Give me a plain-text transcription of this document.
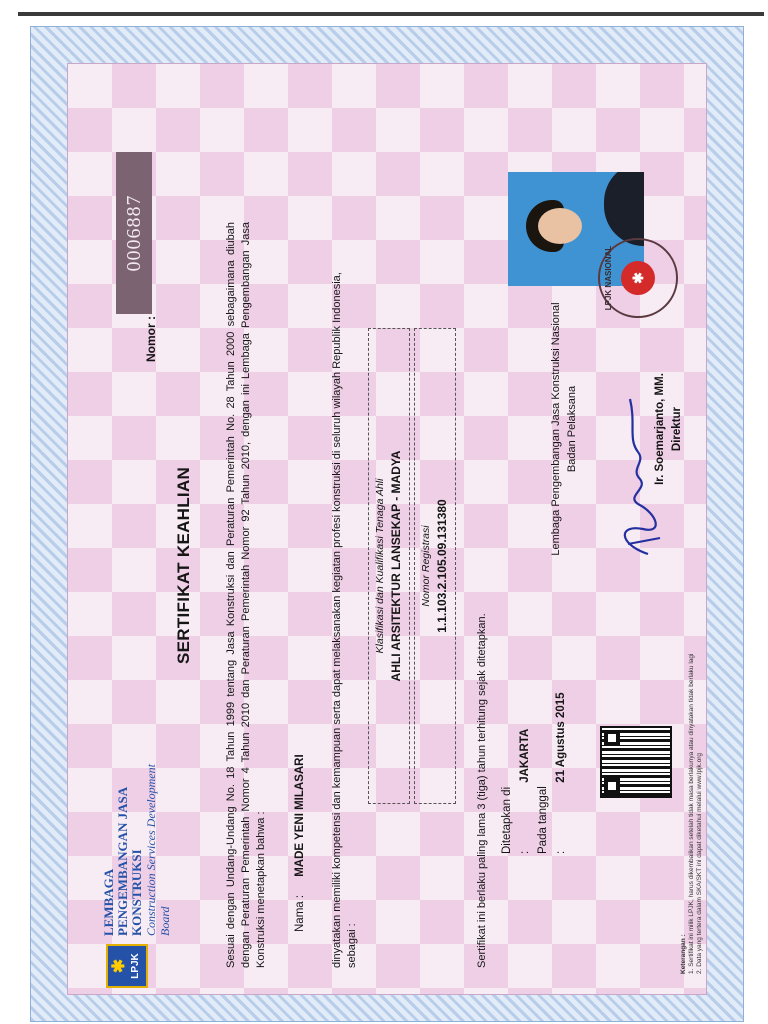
✱ LPJK
LEMBAGA PENGEMBANGAN JASA KONSTRUKSI Construction Services Development Board
SERTIFIKAT KEAHLIAN
Nomor :
0006887
LPJK NASIONAL	✱
Sesuai dengan Undang-Undang No. 18 Tahun 1999 tentang Jasa Konstruksi dan Peraturan Pemerintah No. 28 Tahun 2000 sebagaimana diubah dengan Peraturan Pemerintah Nomor 4 Tahun 2010 dan Peraturan Pemerintah Nomor 92 Tahun 2010, dengan ini Lembaga Pengembangan Jasa Konstruksi menetapkan bahwa : Nama : MADE YENI MILASARI dinyatakan memiliki kompetensi dan kemampuan serta dapat melaksanakan kegiatan profesi konstruksi di seluruh wilayah Republik Indonesia, sebagai :
Klasifikasi dan Kualifikasi Tenaga Ahli AHLI ARSITEKTUR LANSEKAP - MADYA Nomor Registrasi 1.1.103.2.105.09.131380
Sertifikat ini berlaku paling lama 3 (tiga) tahun terhitung sejak ditetapkan. Ditetapkan di : JAKARTA
Pada tanggal : 21 Agustus 2015
Lembaga Pengembangan Jasa Konstruksi Nasional Badan Pelaksana	Ir. Soemarjanto, MM. Direktur
Keterangan : 1. Sertifikat ini milik LPJK, harus dikembalikan setelah tidak masa berlakunya atau dinyatakan tidak berlaku lagi 2. Data yang tertera dalam SKA/SKT ini dapat diketahui melalui www.lpjk.org
